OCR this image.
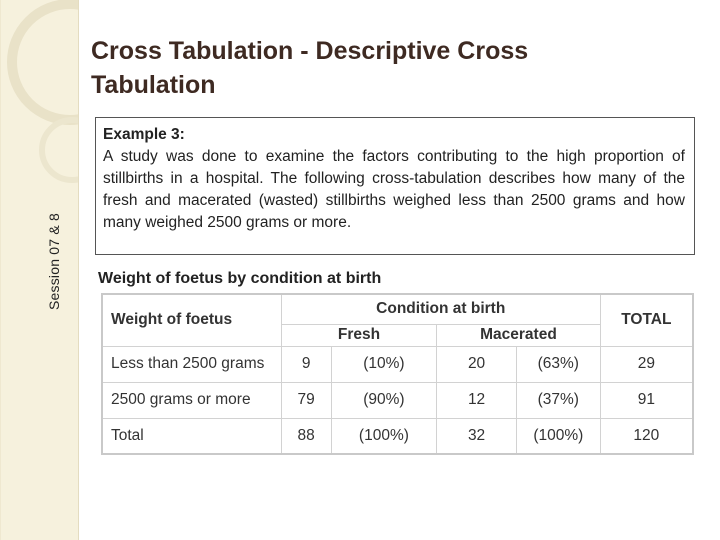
Session 07 & 8
Cross Tabulation - Descriptive Cross Tabulation
Example 3:
A study was done to examine the factors contributing to the high proportion of stillbirths in a hospital. The following cross-tabulation describes how many of the fresh and macerated (wasted) stillbirths weighed less than 2500 grams and how many weighed 2500 grams or more.
Weight of foetus by condition at birth
Weight of foetus	Condition at birth				TOTAL
	Fresh		Macerated		
Less than 2500 grams	9	(10%)	20	(63%)	29
2500 grams or more	79	(90%)	12	(37%)	91
Total	88	(100%)	32	(100%)	120
